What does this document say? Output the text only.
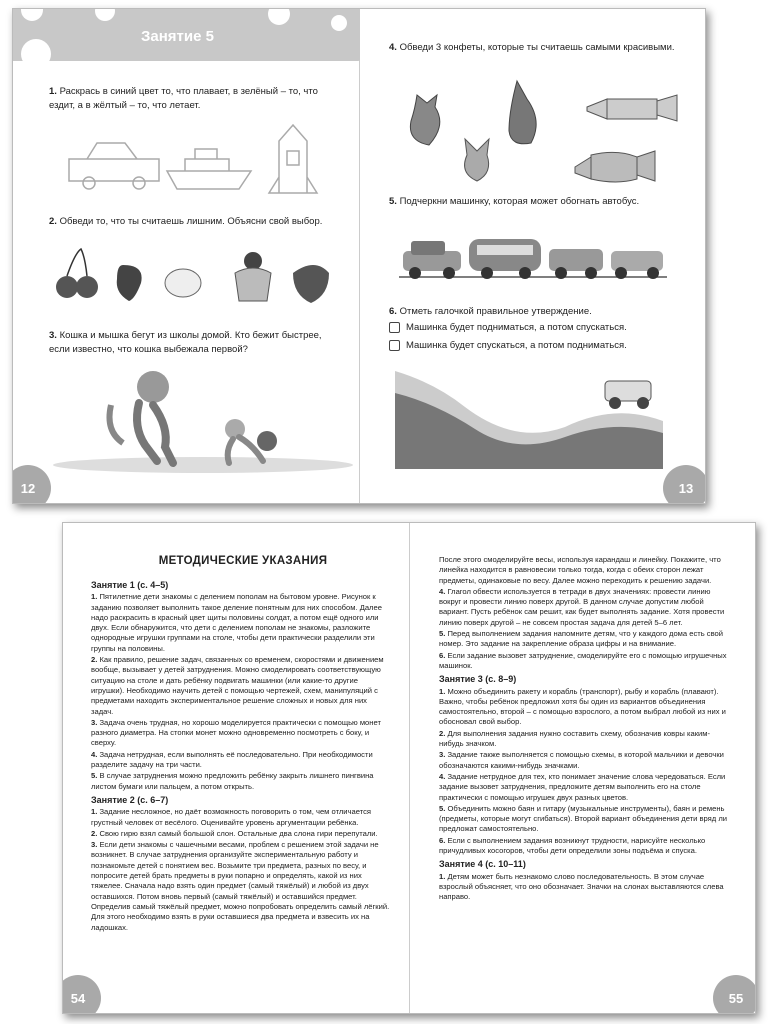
Занятие 5
1. Раскрась в синий цвет то, что плавает, в зелёный – то, что ездит, а в жёлтый – то, что летает.
2. Обведи то, что ты считаешь лишним. Объясни свой выбор.
3. Кошка и мышка бегут из школы домой. Кто бежит быстрее, если известно, что кошка выбежала первой?
12
4. Обведи 3 конфеты, которые ты считаешь самыми красивыми.
5. Подчеркни машинку, которая может обогнать автобус.
6. Отметь галочкой правильное утверждение.
Машинка будет подниматься, а потом спускаться.
Машинка будет спускаться, а потом подниматься.
13
МЕТОДИЧЕСКИЕ УКАЗАНИЯ
Занятие 1 (с. 4–5)

1. Пятилетние дети знакомы с делением пополам на бытовом уровне. Рисунок к заданию позволяет выполнить такое деление понятным для них способом. Далее надо раскрасить в красный цвет щиты половины солдат, а потом ещё одного или двух. Если обнаружится, что дети с делением пополам не знакомы, разложите однородные игрушки группами на столе, чтобы дети практически разделили эти группы на половины.

2. Как правило, решение задач, связанных со временем, скоростями и движением вообще, вызывает у детей затруднения. Можно смоделировать соответствующую ситуацию на столе и дать ребёнку подвигать машинки (или какие-то другие игрушки). Необходимо научить детей с помощью чертежей, схем, манипуляций с предметами находить экспериментальное решение сложных и новых для них задач.

3. Задача очень трудная, но хорошо моделируется практически с помощью монет разного диаметра. На стопки монет можно одновременно посмотреть с боку, и сверху.

4. Задача нетрудная, если выполнять её последовательно. При необходимости разделите задачу на три части.

5. В случае затруднения можно предложить ребёнку закрыть лишнего пингвина листом бумаги или пальцем, а потом открыть.

Занятие 2 (с. 6–7)

1. Задание несложное, но даёт возможность поговорить о том, чем отличается грустный человек от весёлого. Оценивайте уровень аргументации ребёнка.

2. Свою гирю взял самый большой слон. Остальные два слона гири перепутали.

3. Если дети знакомы с чашечными весами, проблем с решением этой задачи не возникнет. В случае затруднения организуйте экспериментальную работу и познакомьте детей с понятием вес. Возьмите три предмета, разных по весу, и попросите детей брать предметы в руки попарно и определять, какой из них тяжелее. Сначала надо взять один предмет (самый тяжёлый) и любой из двух оставшихся. Потом вновь первый (самый тяжёлый) и оставшийся предмет. Определив самый тяжёлый предмет, можно попробовать определить самый лёгкий. Для этого необходимо взять в руки оставшиеся два предмета и взвесить их на ладошках.

После этого смоделируйте весы, используя карандаш и линейку. Покажите, что линейка находится в равновесии только тогда, когда с обеих сторон лежат предметы, одинаковые по весу. Далее можно переходить к решению задачи.

4. Глагол обвести используется в тетради в двух значениях: провести линию вокруг и провести линию поверх другой. В данном случае допустим любой вариант. Пусть ребёнок сам решит, как будет выполнять задание. Хотя провести линию поверх другой – не совсем простая задача для детей 5–6 лет.

5. Перед выполнением задания напомните детям, что у каждого дома есть свой номер. Это задание на закрепление образа цифры и на внимание.

6. Если задание вызовет затруднение, смоделируйте его с помощью игрушечных машинок.

Занятие 3 (с. 8–9)

1. Можно объединить ракету и корабль (транспорт), рыбу и корабль (плавают). Важно, чтобы ребёнок предложил хотя бы один из вариантов объединения самостоятельно, второй – с помощью взрослого, а потом выбрал любой из них и обосновал свой выбор.

2. Для выполнения задания нужно составить схему, обозначив ковры каким-нибудь значком.

3. Задание также выполняется с помощью схемы, в которой мальчики и девочки обозначаются какими-нибудь значками.

4. Задание нетрудное для тех, кто понимает значение слова чередоваться. Если задание вызовет затруднения, предложите детям выполнить его на столе практически с помощью игрушек двух разных цветов.

5. Объединить можно баян и гитару (музыкальные инструменты), баян и ремень (предметы, которые могут сгибаться). Второй вариант объединения дети вряд ли предложат самостоятельно.

6. Если с выполнением задания возникнут трудности, нарисуйте несколько причудливых косогоров, чтобы дети определили зоны подъёма и спуска.

Занятие 4 (с. 10–11)

1. Детям может быть незнакомо слово последовательность. В этом случае взрослый объясняет, что оно обозначает. Значки на слонах выставляются слева направо.

54	55
